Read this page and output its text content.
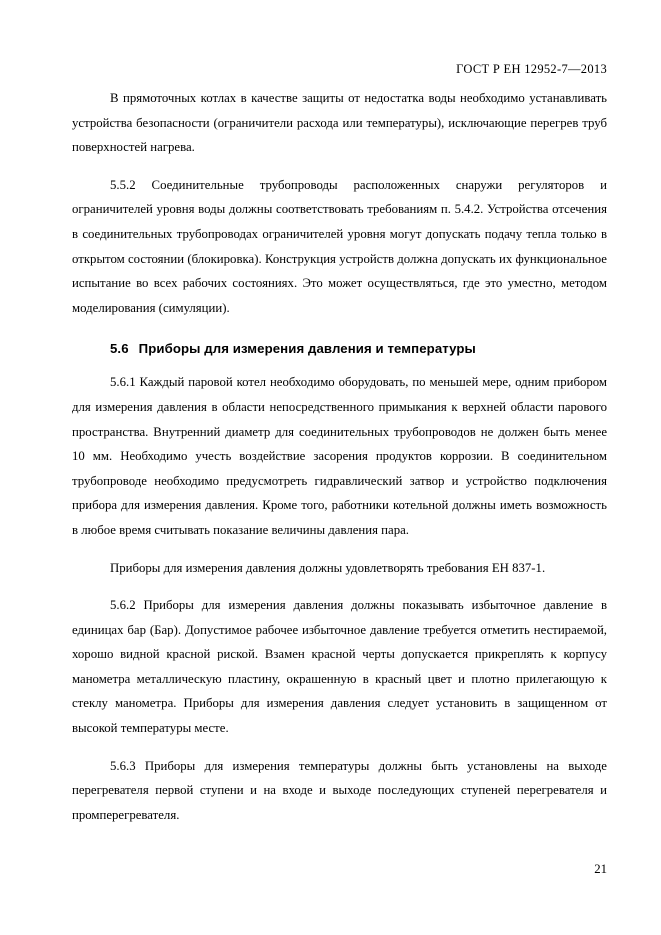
ГОСТ Р ЕН 12952-7—2013

В прямоточных котлах в качестве защиты от недостатка воды необходимо устанавливать устройства безопасности (ограничители расхода или температуры), исключающие перегрев труб поверхностей нагрева.

5.5.2 Соединительные трубопроводы расположенных снаружи регуляторов и ограничителей уровня воды должны соответствовать требованиям п. 5.4.2. Устройства отсечения в соединительных трубопроводах ограничителей уровня могут допускать подачу тепла только в открытом состоянии (блокировка). Конструкция устройств должна допускать их функциональное испытание во всех рабочих состояниях. Это может осуществляться, где это уместно, методом моделирования (симуляции).

5.6 Приборы для измерения давления и температуры

5.6.1 Каждый паровой котел необходимо оборудовать, по меньшей мере, одним прибором для измерения давления в области непосредственного примыкания к верхней области парового пространства. Внутренний диаметр для соединительных трубопроводов не должен быть менее 10 мм. Необходимо учесть воздействие засорения продуктов коррозии. В соединительном трубопроводе необходимо предусмотреть гидравлический затвор и устройство подключения прибора для измерения давления. Кроме того, работники котельной должны иметь возможность в любое время считывать показание величины давления пара.

Приборы для измерения давления должны удовлетворять требования ЕН 837-1.

5.6.2 Приборы для измерения давления должны показывать избыточное давление в единицах бар (Бар). Допустимое рабочее избыточное давление требуется отметить нестираемой, хорошо видной красной риской. Взамен красной черты допускается прикреплять к корпусу манометра металлическую пластину, окрашенную в красный цвет и плотно прилегающую к стеклу манометра. Приборы для измерения давления следует установить в защищенном от высокой температуры месте.

5.6.3 Приборы для измерения температуры должны быть установлены на выходе перегревателя первой ступени и на входе и выходе последующих ступеней перегревателя и промперегревателя.

21
